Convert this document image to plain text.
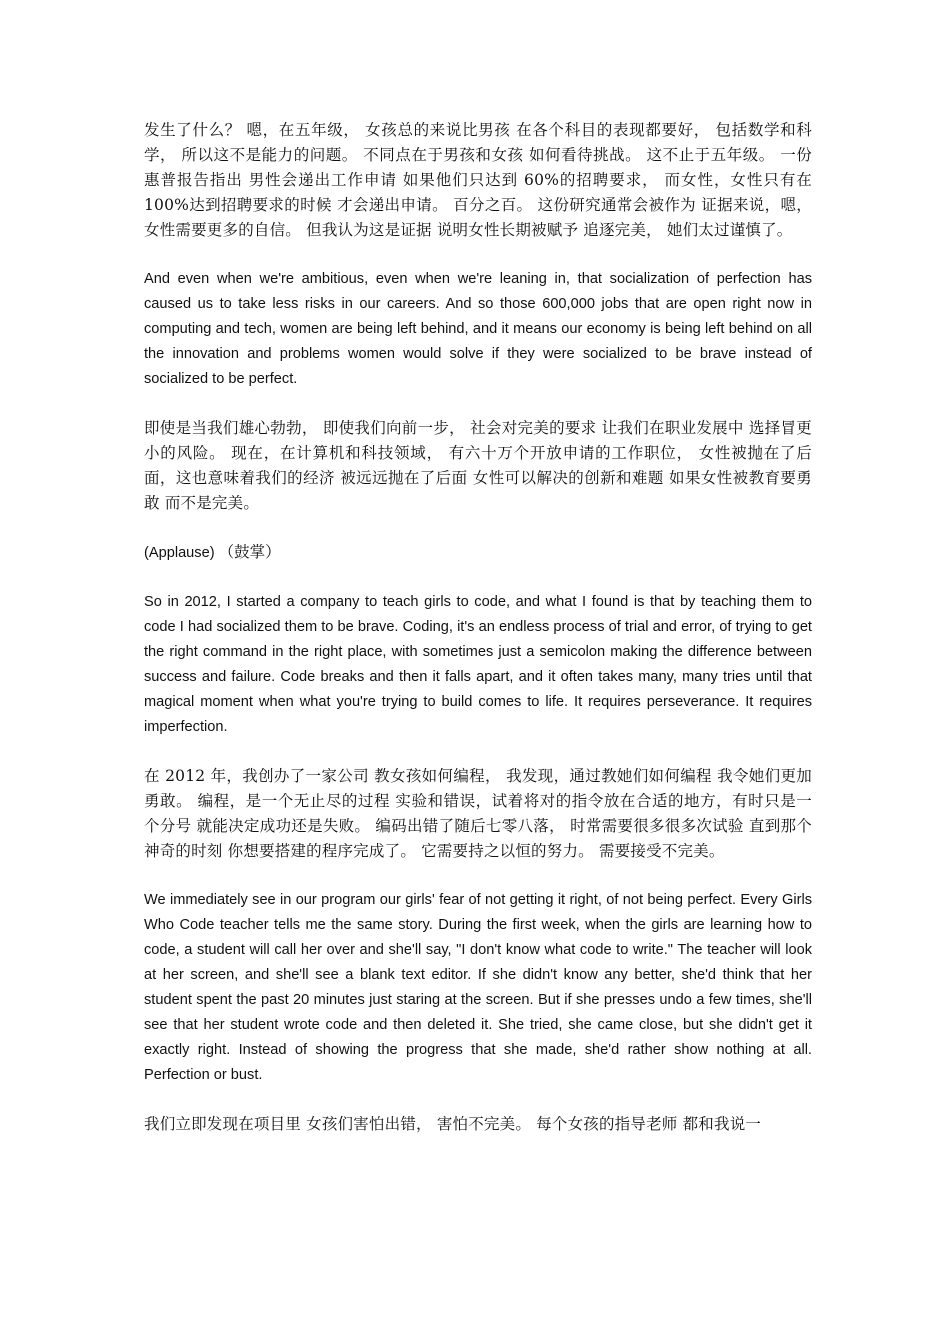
发生了什么？ 嗯，在五年级， 女孩总的来说比男孩 在各个科目的表现都要好， 包括数学和科学， 所以这不是能力的问题。 不同点在于男孩和女孩 如何看待挑战。 这不止于五年级。 一份惠普报告指出 男性会递出工作申请 如果他们只达到 60%的招聘要求， 而女性，女性只有在 100%达到招聘要求的时候 才会递出申请。 百分之百。 这份研究通常会被作为 证据来说，嗯， 女性需要更多的自信。 但我认为这是证据 说明女性长期被赋予 追逐完美， 她们太过谨慎了。

And even when we're ambitious, even when we're leaning in, that socialization of perfection has caused us to take less risks in our careers. And so those 600,000 jobs that are open right now in computing and tech, women are being left behind, and it means our economy is being left behind on all the innovation and problems women would solve if they were socialized to be brave instead of socialized to be perfect.

即使是当我们雄心勃勃， 即使我们向前一步， 社会对完美的要求 让我们在职业发展中 选择冒更小的风险。 现在，在计算机和科技领域， 有六十万个开放申请的工作职位， 女性被抛在了后面，这也意味着我们的经济 被远远抛在了后面 女性可以解决的创新和难题 如果女性被教育要勇敢 而不是完美。

(Applause) （鼓掌）

So in 2012, I started a company to teach girls to code, and what I found is that by teaching them to code I had socialized them to be brave. Coding, it's an endless process of trial and error, of trying to get the right command in the right place, with sometimes just a semicolon making the difference between success and failure. Code breaks and then it falls apart, and it often takes many, many tries until that magical moment when what you're trying to build comes to life. It requires perseverance. It requires imperfection.

在 2012 年，我创办了一家公司 教女孩如何编程， 我发现，通过教她们如何编程 我令她们更加勇敢。 编程，是一个无止尽的过程 实验和错误，试着将对的指令放在合适的地方，有时只是一个分号 就能决定成功还是失败。 编码出错了随后七零八落， 时常需要很多很多次试验 直到那个神奇的时刻 你想要搭建的程序完成了。 它需要持之以恒的努力。 需要接受不完美。

We immediately see in our program our girls' fear of not getting it right, of not being perfect. Every Girls Who Code teacher tells me the same story. During the first week, when the girls are learning how to code, a student will call her over and she'll say, "I don't know what code to write." The teacher will look at her screen, and she'll see a blank text editor. If she didn't know any better, she'd think that her student spent the past 20 minutes just staring at the screen. But if she presses undo a few times, she'll see that her student wrote code and then deleted it. She tried, she came close, but she didn't get it exactly right. Instead of showing the progress that she made, she'd rather show nothing at all. Perfection or bust.

我们立即发现在项目里 女孩们害怕出错， 害怕不完美。 每个女孩的指导老师 都和我说一
